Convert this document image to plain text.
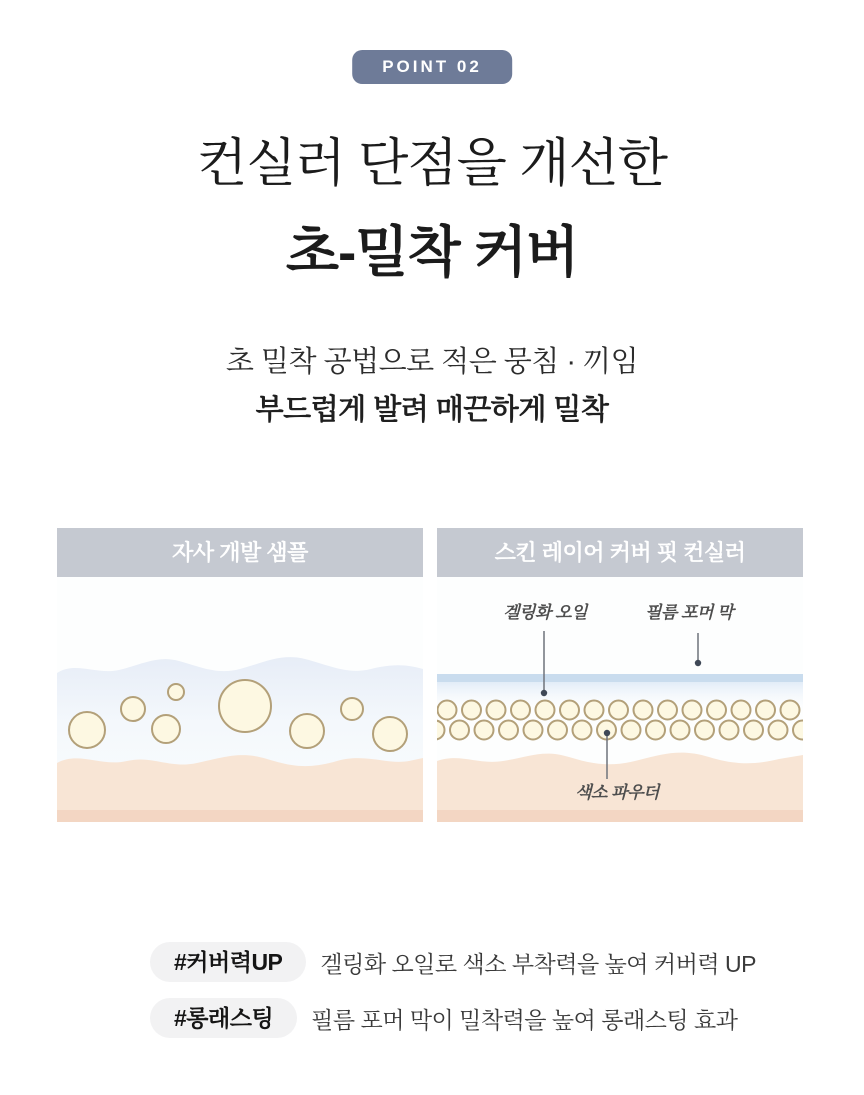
POINT 02
컨실러 단점을 개선한
초-밀착 커버

초 밀착 공법으로 적은 뭉침 · 끼임
부드럽게 발려 매끈하게 밀착

자사 개발 샘플	스킨 레이어 커버 핏 컨실러
겔링화 오일	필름 포머 막
색소 파우더
#커버력UP	겔링화 오일로 색소 부착력을 높여 커버력 UP
#롱래스팅	필름 포머 막이 밀착력을 높여 롱래스팅 효과
